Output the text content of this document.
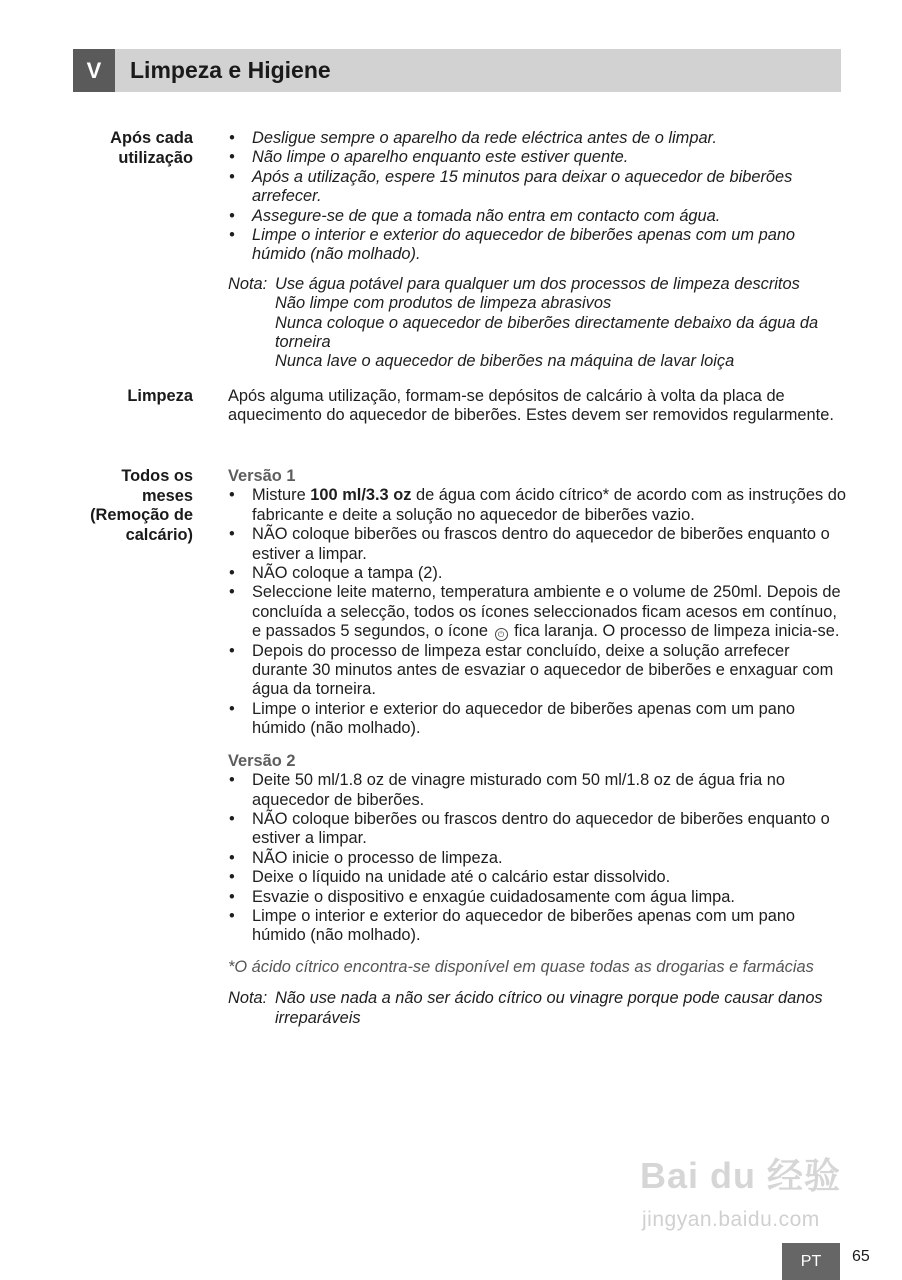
V	Limpeza e Higiene
Após cada
utilização
• Desligue sempre o aparelho da rede eléctrica antes de o limpar.
• Não limpe o aparelho enquanto este estiver quente.
• Após a utilização, espere 15 minutos para deixar o aquecedor de biberões arrefecer.
• Assegure-se de que a tomada não entra em contacto com água.
• Limpe o interior e exterior do aquecedor de biberões apenas com um pano húmido (não molhado).
Nota: Use água potável para qualquer um dos processos de limpeza descritos
Não limpe com produtos de limpeza abrasivos
Nunca coloque o aquecedor de biberões directamente debaixo da água da torneira
Nunca lave o aquecedor de biberões na máquina de lavar loiça
Limpeza Após alguma utilização, formam-se depósitos de calcário à volta da placa de aquecimento do aquecedor de biberões. Estes devem ser removidos regularmente.
Todos os
meses
(Remoção de
calcário)
Versão 1
• Misture 100 ml/3.3 oz de água com ácido cítrico* de acordo com as instruções do fabricante e deite a solução no aquecedor de biberões vazio.
• NÃO coloque biberões ou frascos dentro do aquecedor de biberões enquanto o estiver a limpar.
• NÃO coloque a tampa (2).
• Seleccione leite materno, temperatura ambiente e o volume de 250ml. Depois de concluída a selecção, todos os ícones seleccionados ficam acesos em contínuo, e passados 5 segundos, o ícone ⏻ fica laranja. O processo de limpeza inicia-se.
• Depois do processo de limpeza estar concluído, deixe a solução arrefecer durante 30 minutos antes de esvaziar o aquecedor de biberões e enxaguar com água da torneira.
• Limpe o interior e exterior do aquecedor de biberões apenas com um pano húmido (não molhado).
Versão 2
• Deite 50 ml/1.8 oz de vinagre misturado com 50 ml/1.8 oz de água fria no aquecedor de biberões.
• NÃO coloque biberões ou frascos dentro do aquecedor de biberões enquanto o estiver a limpar.
• NÃO inicie o processo de limpeza.
• Deixe o líquido na unidade até o calcário estar dissolvido.
• Esvazie o dispositivo e enxagúe cuidadosamente com água limpa.
• Limpe o interior e exterior do aquecedor de biberões apenas com um pano húmido (não molhado).
*O ácido cítrico encontra-se disponível em quase todas as drogarias e farmácias
Nota: Não use nada a não ser ácido cítrico ou vinagre porque pode causar danos irreparáveis
Bai du 经验
jingyan.baidu.com
PT	65
